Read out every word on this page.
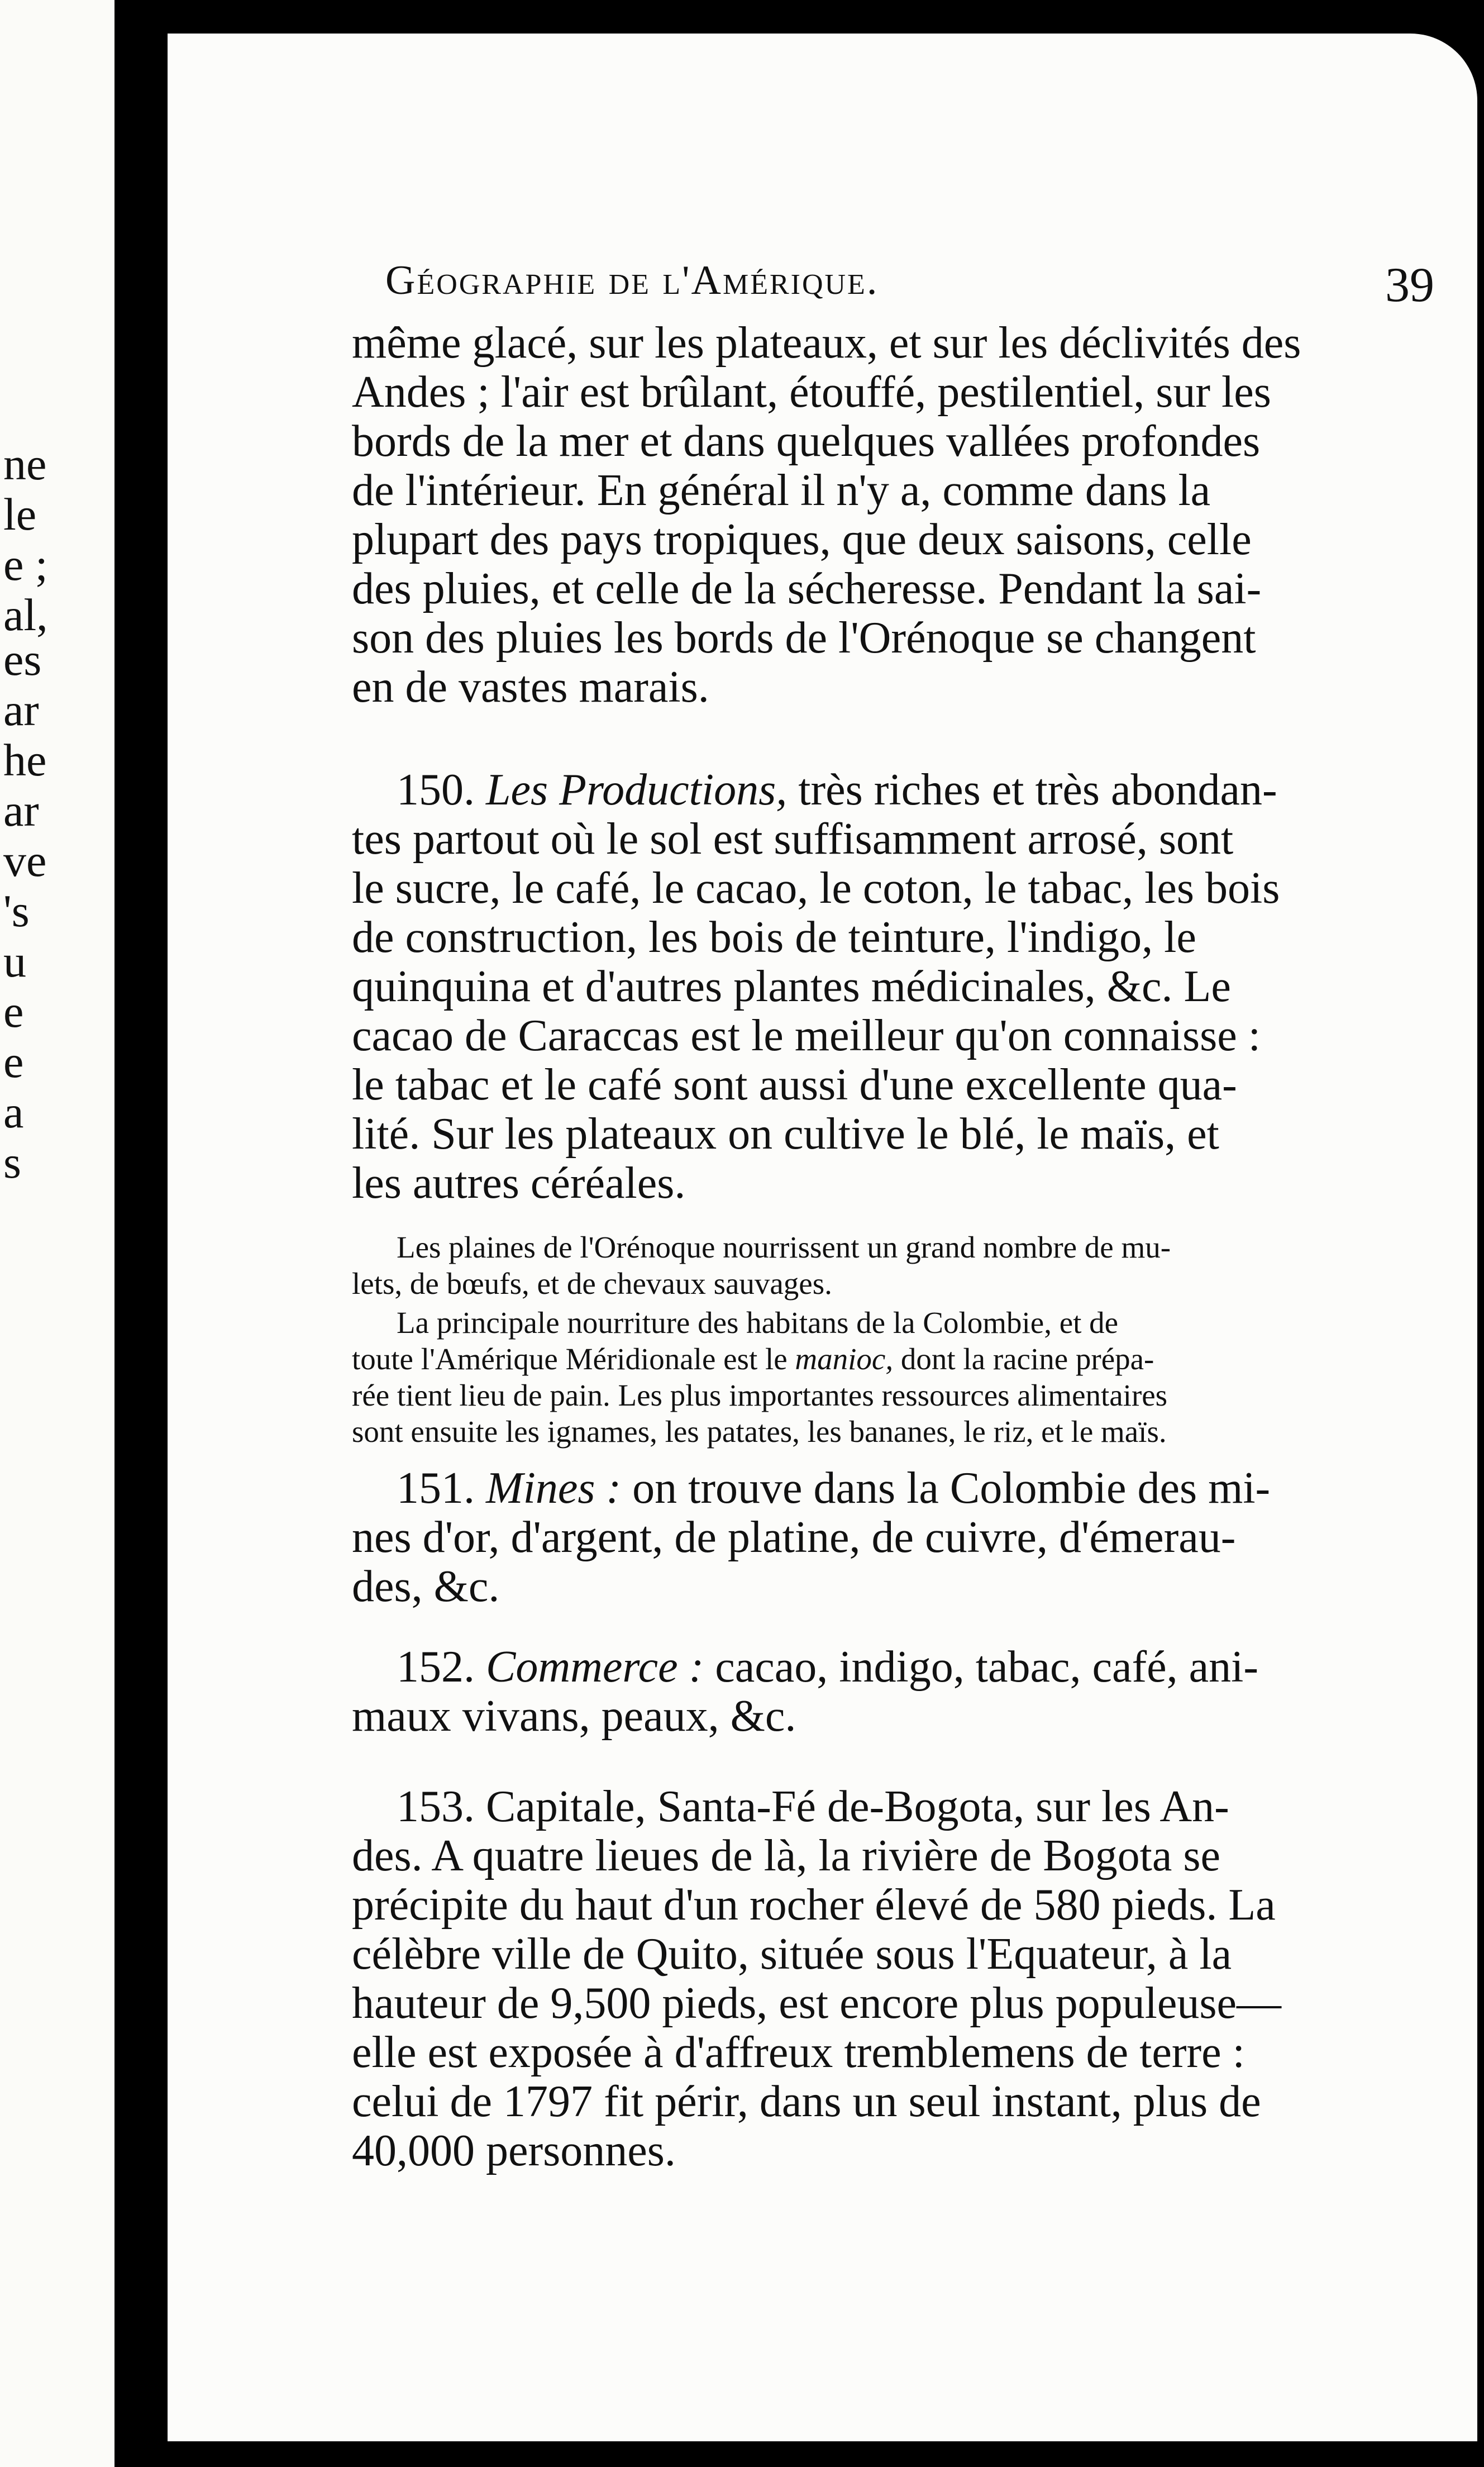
ne
le
e ;
al,
es
ar
he
ar
ve
's
u
e
e
a
s
Géographie de l'Amérique.	39

même glacé, sur les plateaux, et sur les déclivités des
Andes ; l'air est brûlant, étouffé, pestilentiel, sur les
bords de la mer et dans quelques vallées profondes
de l'intérieur. En général il n'y a, comme dans la
plupart des pays tropiques, que deux saisons, celle
des pluies, et celle de la sécheresse. Pendant la sai-
son des pluies les bords de l'Orénoque se changent
en de vastes marais.

150. Les Productions, très riches et très abondan-
tes partout où le sol est suffisamment arrosé, sont
le sucre, le café, le cacao, le coton, le tabac, les bois
de construction, les bois de teinture, l'indigo, le
quinquina et d'autres plantes médicinales, &c. Le
cacao de Caraccas est le meilleur qu'on connaisse :
le tabac et le café sont aussi d'une excellente qua-
lité. Sur les plateaux on cultive le blé, le maïs, et
les autres céréales.

Les plaines de l'Orénoque nourrissent un grand nombre de mu-
lets, de bœufs, et de chevaux sauvages.

La principale nourriture des habitans de la Colombie, et de
toute l'Amérique Méridionale est le manioc, dont la racine prépa-
rée tient lieu de pain. Les plus importantes ressources alimentaires
sont ensuite les ignames, les patates, les bananes, le riz, et le maïs.

151. Mines : on trouve dans la Colombie des mi-
nes d'or, d'argent, de platine, de cuivre, d'émerau-
des, &c.

152. Commerce : cacao, indigo, tabac, café, ani-
maux vivans, peaux, &c.

153. Capitale, Santa-Fé de-Bogota, sur les An-
des. A quatre lieues de là, la rivière de Bogota se
précipite du haut d'un rocher élevé de 580 pieds. La
célèbre ville de Quito, située sous l'Equateur, à la
hauteur de 9,500 pieds, est encore plus populeuse—
elle est exposée à d'affreux tremblemens de terre :
celui de 1797 fit périr, dans un seul instant, plus de
40,000 personnes.
